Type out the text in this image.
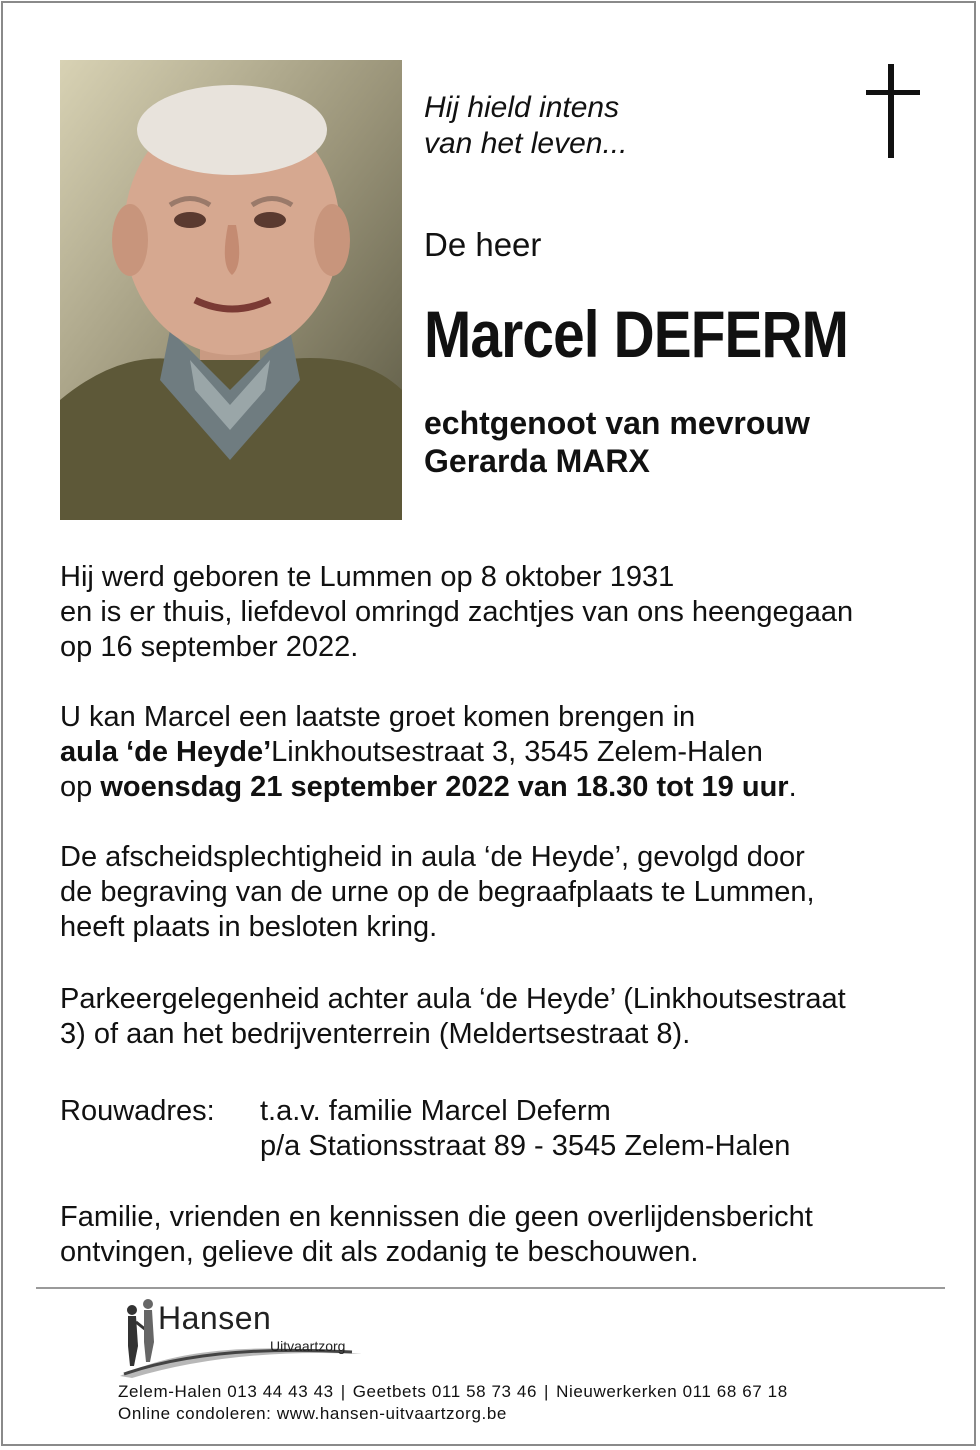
Hij hield intens
van het leven...
De heer
Marcel DEFERM
echtgenoot van mevrouw
Gerarda MARX
Hij werd geboren te Lummen op 8 oktober 1931
en is er thuis, liefdevol omringd zachtjes van ons heengegaan
op 16 september 2022.
U kan Marcel een laatste groet komen brengen in
aula ‘de Heyde’Linkhoutsestraat 3, 3545 Zelem-Halen
op woensdag 21 september 2022 van 18.30 tot 19 uur.
De afscheidsplechtigheid in aula ‘de Heyde’, gevolgd door
de begraving van de urne op de begraafplaats te Lummen,
heeft plaats in besloten kring.
Parkeergelegenheid achter aula ‘de Heyde’ (Linkhoutsestraat
3) of aan het bedrijventerrein (Meldertsestraat 8).
Rouwadres: t.a.v. familie Marcel Deferm
p/a Stationsstraat 89 - 3545 Zelem-Halen
Familie, vrienden en kennissen die geen overlijdensbericht
ontvingen, gelieve dit als zodanig te beschouwen.
Hansen
Uitvaartzorg
Zelem-Halen 013 44 43 43 | Geetbets 011 58 73 46 | Nieuwerkerken 011 68 67 18
Online condoleren: www.hansen-uitvaartzorg.be
